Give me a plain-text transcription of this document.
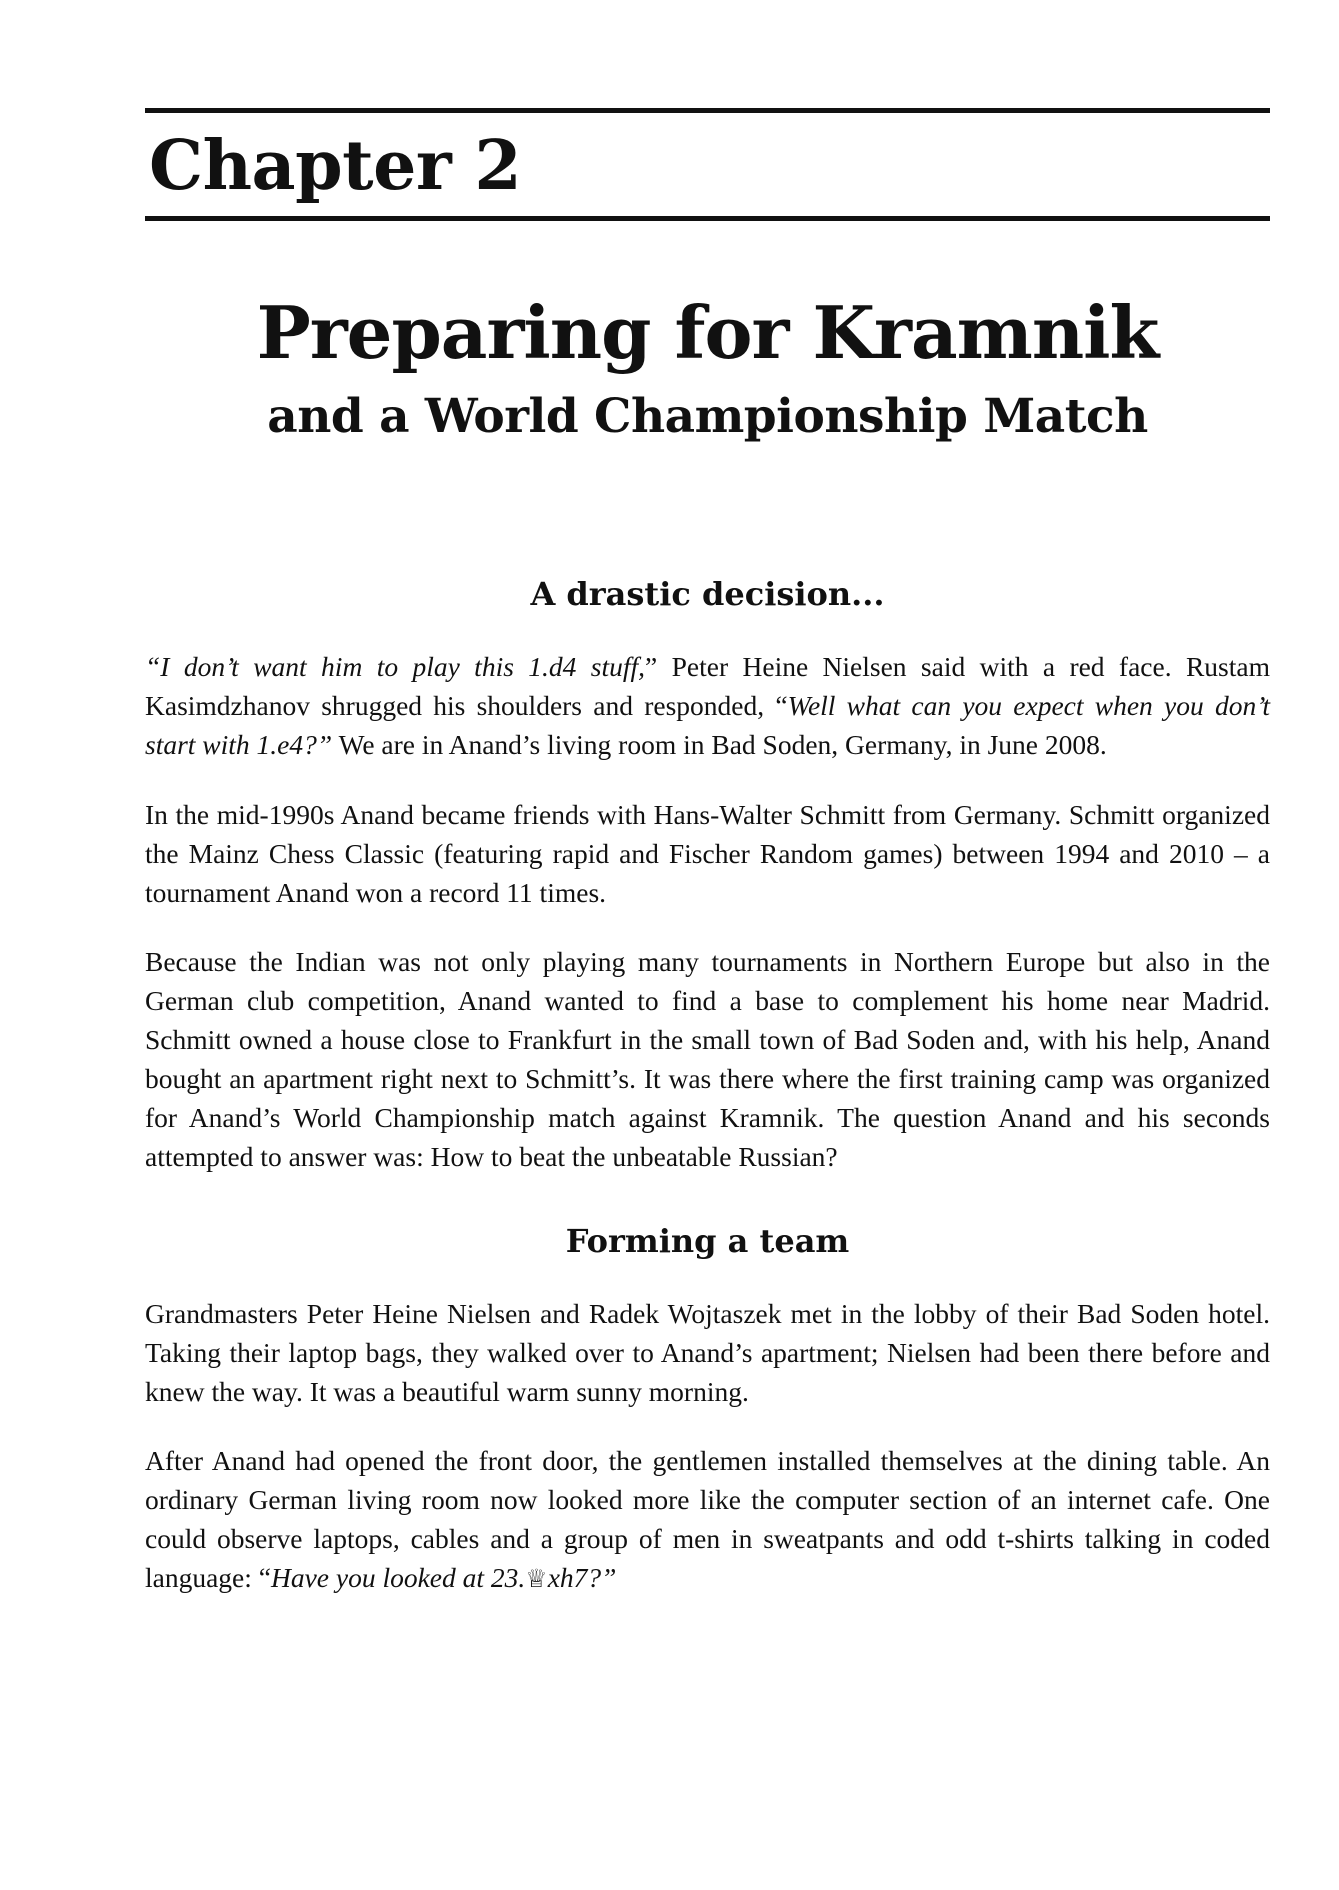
Chapter 2
Preparing for Kramnik
and a World Championship Match
A drastic decision...

“I don’t want him to play this 1.d4 stuff,” Peter Heine Nielsen said with a red face. Rustam Kasimdzhanov shrugged his shoulders and responded, “Well what can you expect when you don’t start with 1.e4?” We are in Anand’s living room in Bad Soden, Germany, in June 2008.

In the mid-1990s Anand became friends with Hans-Walter Schmitt from Germany. Schmitt organized the Mainz Chess Classic (featuring rapid and Fischer Random games) between 1994 and 2010 – a tournament Anand won a record 11 times.

Because the Indian was not only playing many tournaments in Northern Europe but also in the German club competition, Anand wanted to find a base to complement his home near Madrid. Schmitt owned a house close to Frankfurt in the small town of Bad Soden and, with his help, Anand bought an apartment right next to Schmitt’s. It was there where the first training camp was organized for Anand’s World Championship match against Kramnik. The question Anand and his seconds attempted to answer was: How to beat the unbeatable Russian?

Forming a team

Grandmasters Peter Heine Nielsen and Radek Wojtaszek met in the lobby of their Bad Soden hotel. Taking their laptop bags, they walked over to Anand’s apartment; Nielsen had been there before and knew the way. It was a beautiful warm sunny morning.

After Anand had opened the front door, the gentlemen installed themselves at the dining table. An ordinary German living room now looked more like the computer section of an internet cafe. One could observe laptops, cables and a group of men in sweatpants and odd t-shirts talking in coded language: “Have you looked at 23.♕xh7?”
